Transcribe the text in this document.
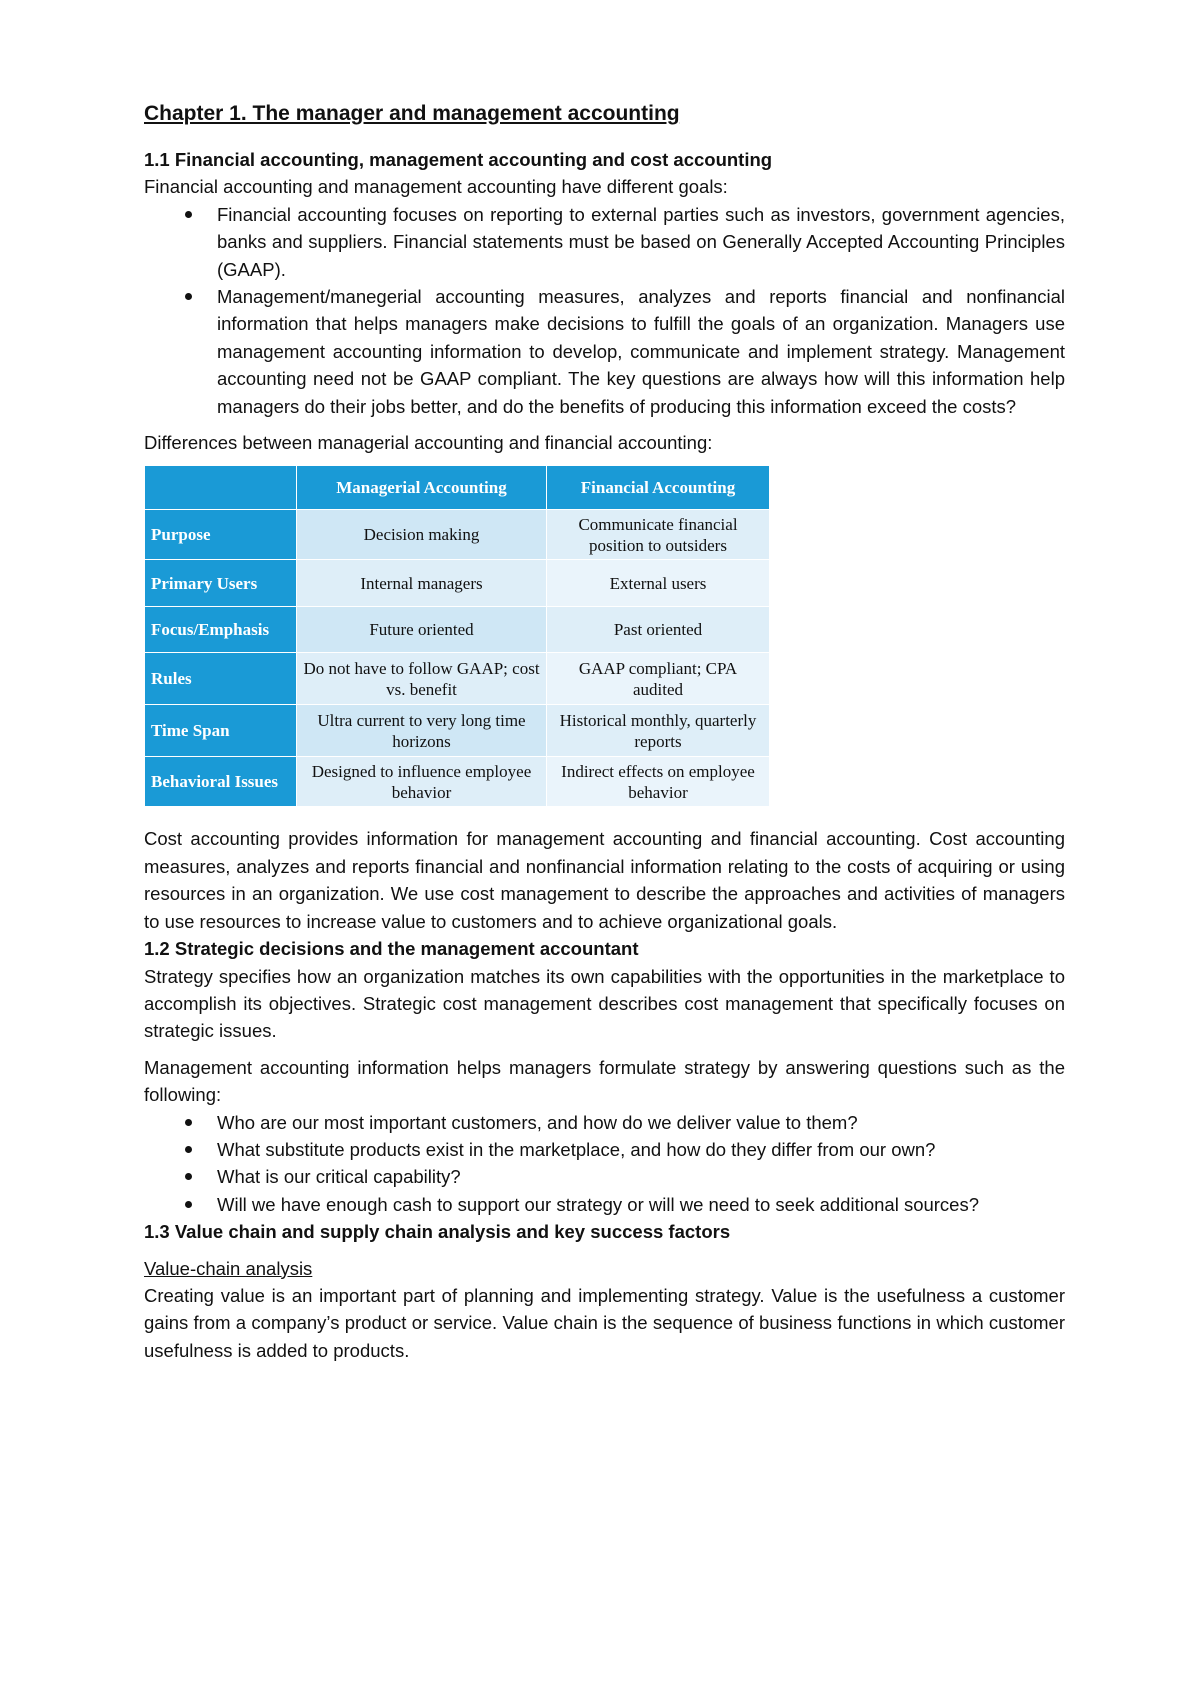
Chapter 1. The manager and management accounting
1.1 Financial accounting, management accounting and cost accounting

Financial accounting and management accounting have different goals:

Financial accounting focuses on reporting to external parties such as investors, government agencies, banks and suppliers. Financial statements must be based on Generally Accepted Accounting Principles (GAAP).
Management/manegerial accounting measures, analyzes and reports financial and nonfinancial information that helps managers make decisions to fulfill the goals of an organization. Managers use management accounting information to develop, communicate and implement strategy. Management accounting need not be GAAP compliant. The key questions are always how will this information help managers do their jobs better, and do the benefits of producing this information exceed the costs?

Differences between managerial accounting and financial accounting:

	Managerial Accounting	Financial Accounting
Purpose	Decision making	Communicate financial position to outsiders
Primary Users	Internal managers	External users
Focus/Emphasis	Future oriented	Past oriented
Rules	Do not have to follow GAAP; cost vs. benefit	GAAP compliant; CPA audited
Time Span	Ultra current to very long time horizons	Historical monthly, quarterly reports
Behavioral Issues	Designed to influence employee behavior	Indirect effects on employee behavior

Cost accounting provides information for management accounting and financial accounting. Cost accounting measures, analyzes and reports financial and nonfinancial information relating to the costs of acquiring or using resources in an organization. We use cost management to describe the approaches and activities of managers to use resources to increase value to customers and to achieve organizational goals.

1.2 Strategic decisions and the management accountant

Strategy specifies how an organization matches its own capabilities with the opportunities in the marketplace to accomplish its objectives. Strategic cost management describes cost management that specifically focuses on strategic issues.

Management accounting information helps managers formulate strategy by answering questions such as the following:

Who are our most important customers, and how do we deliver value to them?
What substitute products exist in the marketplace, and how do they differ from our own?
What is our critical capability?
Will we have enough cash to support our strategy or will we need to seek additional sources?
1.3 Value chain and supply chain analysis and key success factors

Value-chain analysis

Creating value is an important part of planning and implementing strategy. Value is the usefulness a customer gains from a company’s product or service. Value chain is the sequence of business functions in which customer usefulness is added to products.
